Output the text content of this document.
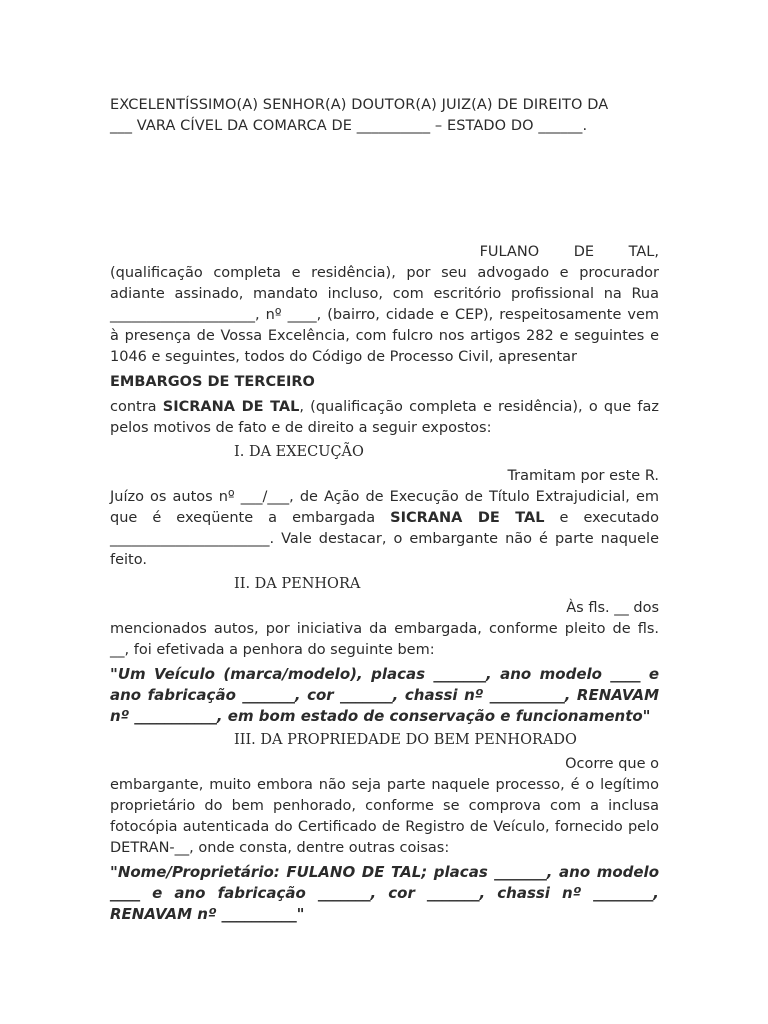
EXCELENTÍSSIMO(A) SENHOR(A) DOUTOR(A) JUIZ(A) DE DIREITO DA
___ VARA CÍVEL DA COMARCA DE __________ – ESTADO DO ______.
FULANO DE TAL,

(qualificação completa e residência), por seu advogado e procurador adiante assinado, mandato incluso, com escritório profissional na Rua ____________________, nº ____, (bairro, cidade e CEP), respeitosamente vem à presença de Vossa Excelência, com fulcro nos artigos 282 e seguintes e 1046 e seguintes, todos do Código de Processo Civil, apresentar

EMBARGOS DE TERCEIRO

contra SICRANA DE TAL, (qualificação completa e residência), o que faz pelos motivos de fato e de direito a seguir expostos:

I. DA EXECUÇÃO

Tramitam por este R.

Juízo os autos nº ___/___, de Ação de Execução de Título Extrajudicial, em que é exeqüente a embargada SICRANA DE TAL e executado ______________________. Vale destacar, o embargante não é parte naquele feito.

II. DA PENHORA

Às fls. __ dos

mencionados autos, por iniciativa da embargada, conforme pleito de fls. __, foi efetivada a penhora do seguinte bem:

"Um Veículo (marca/modelo), placas _______, ano modelo ____ e ano fabricação _______, cor _______, chassi nº __________, RENAVAM nº ___________, em bom estado de conservação e funcionamento"

III. DA PROPRIEDADE DO BEM PENHORADO

Ocorre que o

embargante, muito embora não seja parte naquele processo, é o legítimo proprietário do bem penhorado, conforme se comprova com a inclusa fotocópia autenticada do Certificado de Registro de Veículo, fornecido pelo DETRAN-__, onde consta, dentre outras coisas:

"Nome/Proprietário: FULANO DE TAL; placas _______, ano modelo ____ e ano fabricação _______, cor _______, chassi nº ________, RENAVAM nº __________"
